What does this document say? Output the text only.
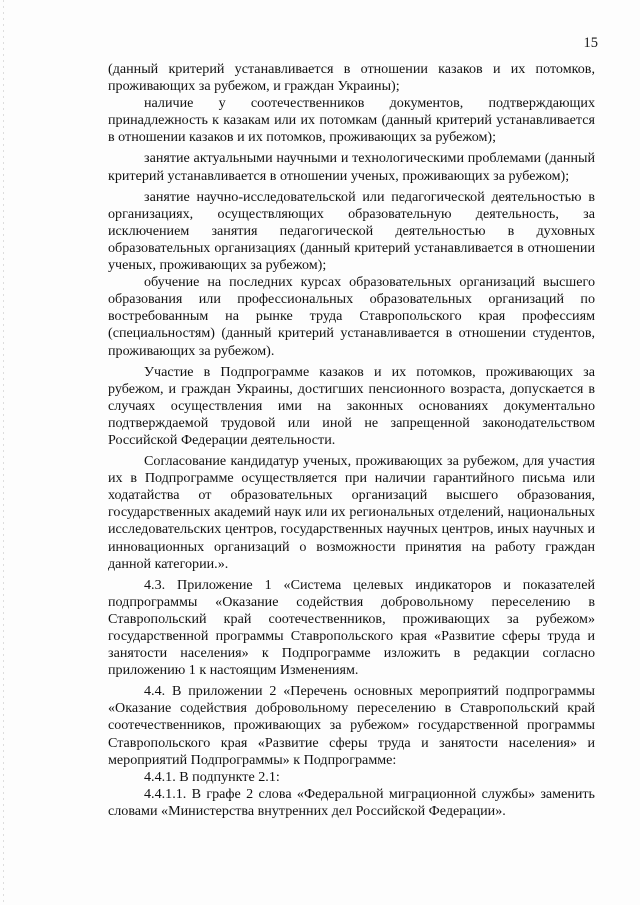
15

(данный критерий устанавливается в отношении казаков и их потомков, проживающих за рубежом, и граждан Украины);

наличие у соотечественников документов, подтверждающих принадлежность к казакам или их потомкам (данный критерий устанавливается в отношении казаков и их потомков, проживающих за рубежом);

занятие актуальными научными и технологическими проблемами (данный критерий устанавливается в отношении ученых, проживающих за рубежом);

занятие научно-исследовательской или педагогической деятельностью в организациях, осуществляющих образовательную деятельность, за исключением занятия педагогической деятельностью в духовных образовательных организациях (данный критерий устанавливается в отношении ученых, проживающих за рубежом);

обучение на последних курсах образовательных организаций высшего образования или профессиональных образовательных организаций по востребованным на рынке труда Ставропольского края профессиям (специальностям) (данный критерий устанавливается в отношении студентов, проживающих за рубежом).

Участие в Подпрограмме казаков и их потомков, проживающих за рубежом, и граждан Украины, достигших пенсионного возраста, допускается в случаях осуществления ими на законных основаниях документально подтверждаемой трудовой или иной не запрещенной законодательством Российской Федерации деятельности.

Согласование кандидатур ученых, проживающих за рубежом, для участия их в Подпрограмме осуществляется при наличии гарантийного письма или ходатайства от образовательных организаций высшего образования, государственных академий наук или их региональных отделений, национальных исследовательских центров, государственных научных центров, иных научных и инновационных организаций о возможности принятия на работу граждан данной категории.».

4.3. Приложение 1 «Система целевых индикаторов и показателей подпрограммы «Оказание содействия добровольному переселению в Ставропольский край соотечественников, проживающих за рубежом» государственной программы Ставропольского края «Развитие сферы труда и занятости населения» к Подпрограмме изложить в редакции согласно приложению 1 к настоящим Изменениям.

4.4. В приложении 2 «Перечень основных мероприятий подпрограммы «Оказание содействия добровольному переселению в Ставропольский край соотечественников, проживающих за рубежом» государственной программы Ставропольского края «Развитие сферы труда и занятости населения» и мероприятий Подпрограммы» к Подпрограмме:

4.4.1. В подпункте 2.1:

4.4.1.1. В графе 2 слова «Федеральной миграционной службы» заменить словами «Министерства внутренних дел Российской Федерации».
